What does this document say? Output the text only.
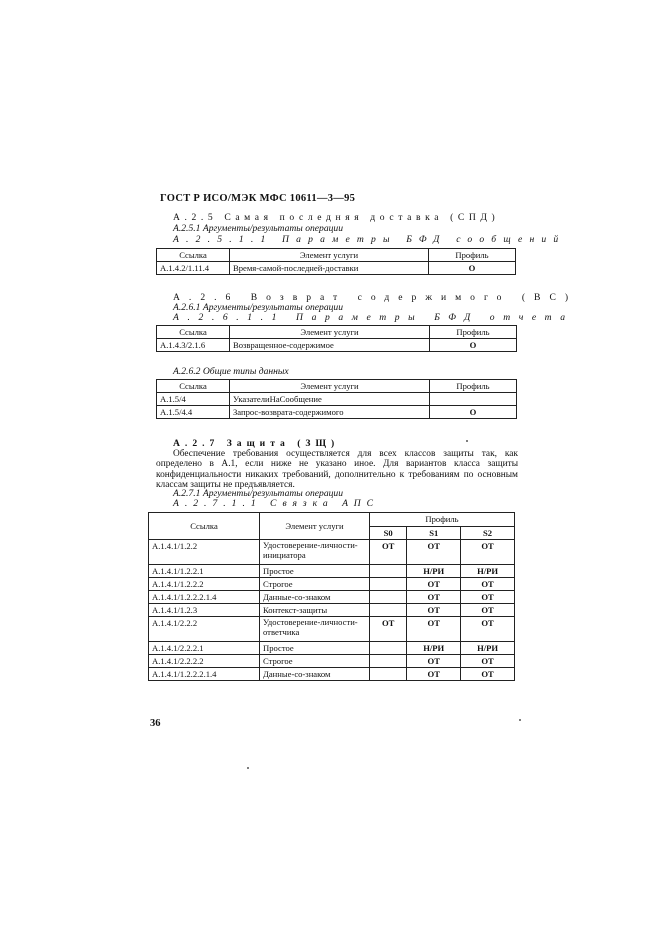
ГОСТ Р ИСО/МЭК МФС 10611—3—95
А.2.5 Самая последняя доставка (СПД)
А.2.5.1 Аргументы/результаты операции
А.2.5.1.1 Параметры БФД сообщений
Ссылка	Элемент услуги	Профиль
А.1.4.2/1.11.4	Время-самой-последней-доставки	О
А.2.6 Возврат содержимого (ВС)
А.2.6.1 Аргументы/результаты операции
А.2.6.1.1 Параметры БФД отчета
Ссылка	Элемент услуги	Профиль
А.1.4.3/2.1.6	Возвращенное-содержимое	О
А.2.6.2 Общие типы данных
Ссылка	Элемент услуги	Профиль
А.1.5/4	УказателиНаСообщение	
А.1.5/4.4	Запрос-возврата-содержимого	О
А.2.7 Защита (ЗЩ)
Обеспечение требования осуществляется для всех классов защиты так, как определено в А.1, если ниже не указано иное. Для вариантов класса защиты конфиденциальности никаких требований, дополнительно к требованиям по основным классам защиты не предъявляется.
А.2.7.1 Аргументы/результаты операции
А.2.7.1.1 Связка АПС
Ссылка	Элемент услуги	Профиль		
		S0	S1	S2
А.1.4.1/1.2.2	Удостоверение-личности-инициатора	ОТ	ОТ	ОТ
А.1.4.1/1.2.2.1	Простое		Н/РИ	Н/РИ
А.1.4.1/1.2.2.2	Строгое		ОТ	ОТ
А.1.4.1/1.2.2.2.1.4	Данные-со-знаком		ОТ	ОТ
А.1.4.1/1.2.3	Контекст-защиты		ОТ	ОТ
А.1.4.1/2.2.2	Удостоверение-личности-ответчика	ОТ	ОТ	ОТ
А.1.4.1/2.2.2.1	Простое		Н/РИ	Н/РИ
А.1.4.1/2.2.2.2	Строгое		ОТ	ОТ
А.1.4.1/1.2.2.2.1.4	Данные-со-знаком		ОТ	ОТ
36
